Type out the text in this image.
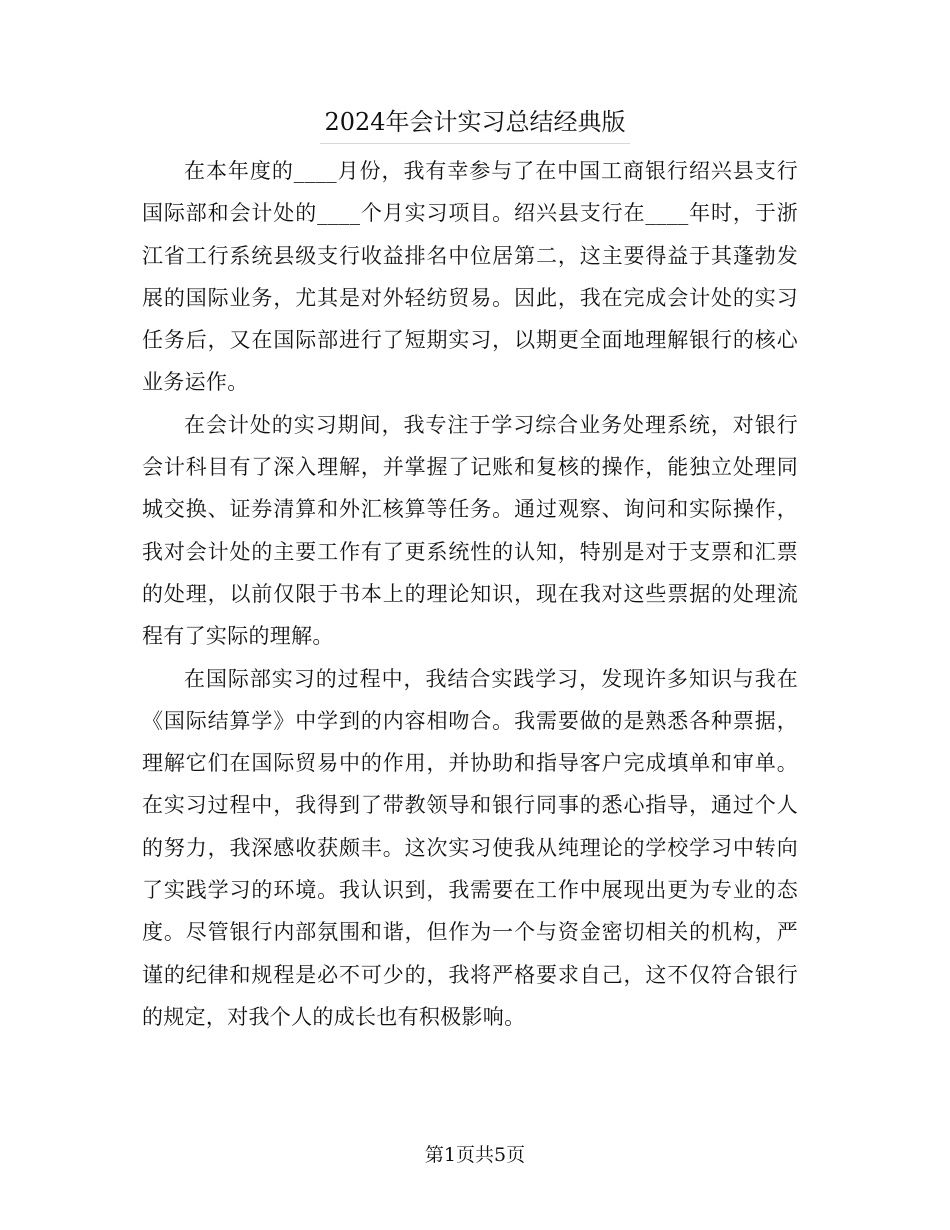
2024年会计实习总结经典版

在本年度的____月份，我有幸参与了在中国工商银行绍兴县支行国际部和会计处的____个月实习项目。绍兴县支行在____年时，于浙江省工行系统县级支行收益排名中位居第二，这主要得益于其蓬勃发展的国际业务，尤其是对外轻纺贸易。因此，我在完成会计处的实习任务后，又在国际部进行了短期实习，以期更全面地理解银行的核心业务运作。

在会计处的实习期间，我专注于学习综合业务处理系统，对银行会计科目有了深入理解，并掌握了记账和复核的操作，能独立处理同城交换、证券清算和外汇核算等任务。通过观察、询问和实际操作，我对会计处的主要工作有了更系统性的认知，特别是对于支票和汇票的处理，以前仅限于书本上的理论知识，现在我对这些票据的处理流程有了实际的理解。

在国际部实习的过程中，我结合实践学习，发现许多知识与我在《国际结算学》中学到的内容相吻合。我需要做的是熟悉各种票据，理解它们在国际贸易中的作用，并协助和指导客户完成填单和审单。在实习过程中，我得到了带教领导和银行同事的悉心指导，通过个人的努力，我深感收获颇丰。这次实习使我从纯理论的学校学习中转向了实践学习的环境。我认识到，我需要在工作中展现出更为专业的态度。尽管银行内部氛围和谐，但作为一个与资金密切相关的机构，严谨的纪律和规程是必不可少的，我将严格要求自己，这不仅符合银行的规定，对我个人的成长也有积极影响。

第1页共5页
